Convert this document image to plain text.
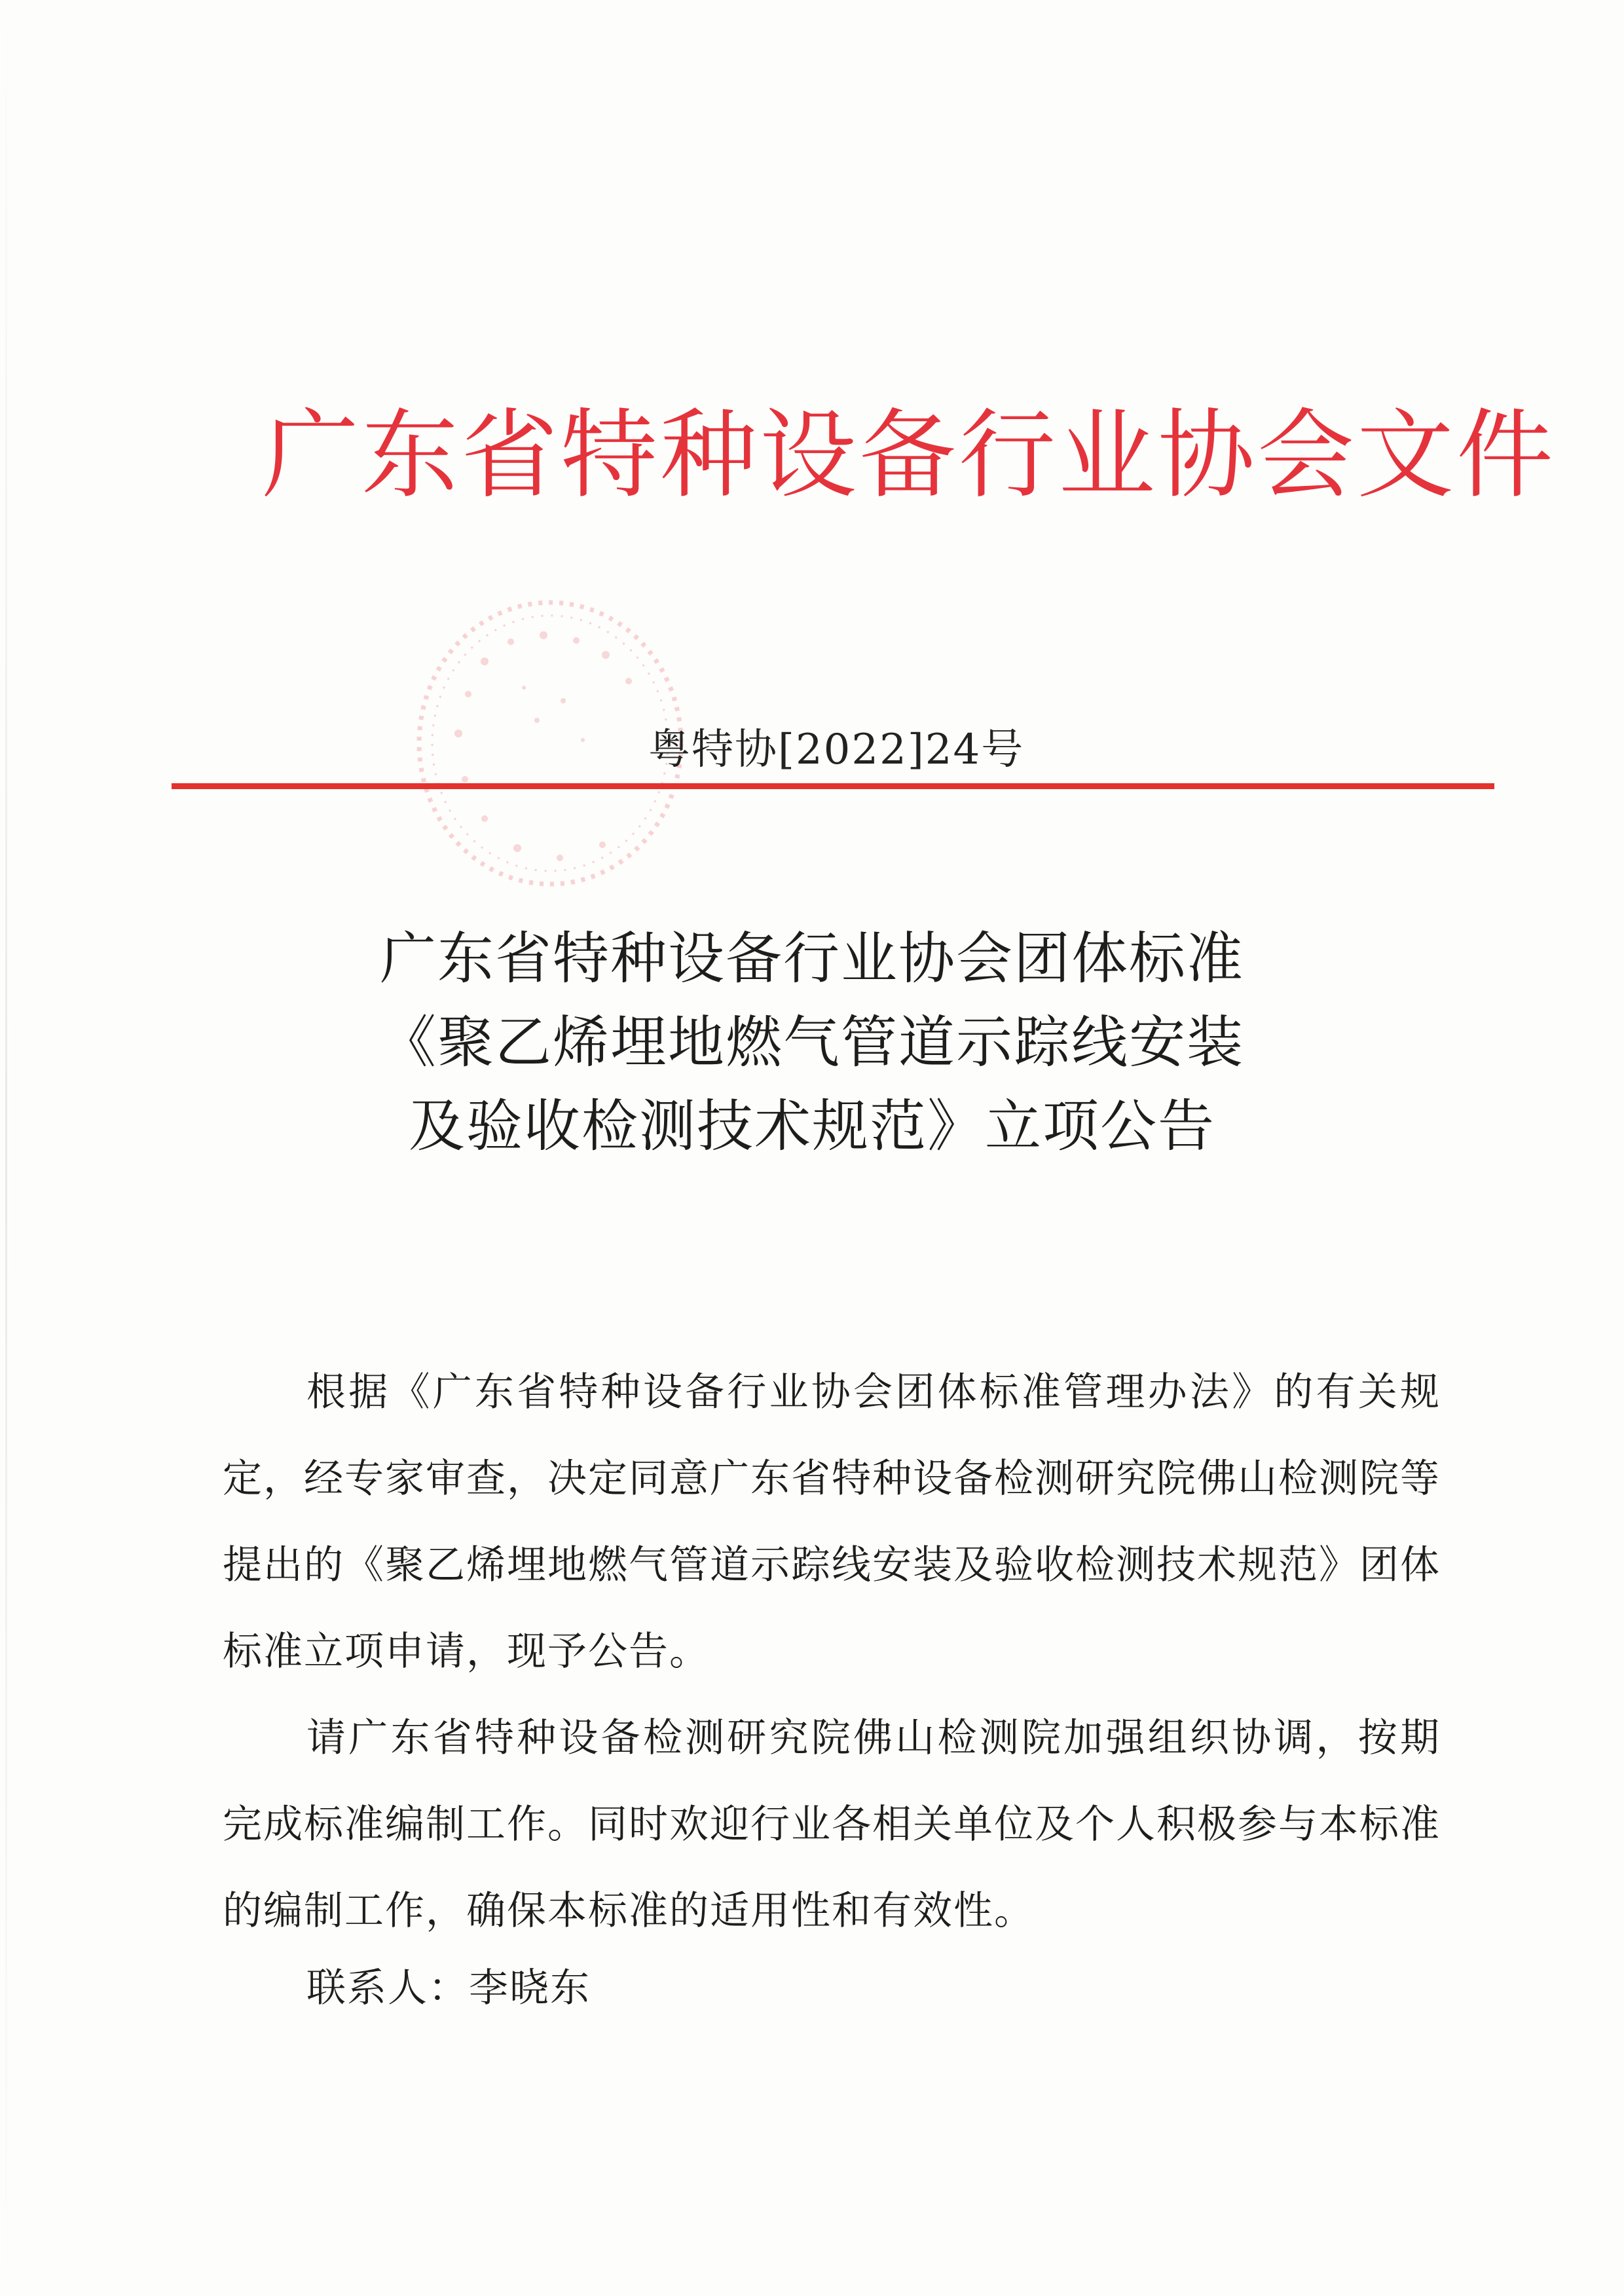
广东省特种设备行业协会文件
粤特协[2022]24号
广东省特种设备行业协会团体标准
《聚乙烯埋地燃气管道示踪线安装
及验收检测技术规范》立项公告

根据《广东省特种设备行业协会团体标准管理办法》的有关规定，经专家审查，决定同意广东省特种设备检测研究院佛山检测院等提出的《聚乙烯埋地燃气管道示踪线安装及验收检测技术规范》团体标准立项申请，现予公告。

请广东省特种设备检测研究院佛山检测院加强组织协调，按期完成标准编制工作。同时欢迎行业各相关单位及个人积极参与本标准的编制工作，确保本标准的适用性和有效性。

联系人：李晓东
